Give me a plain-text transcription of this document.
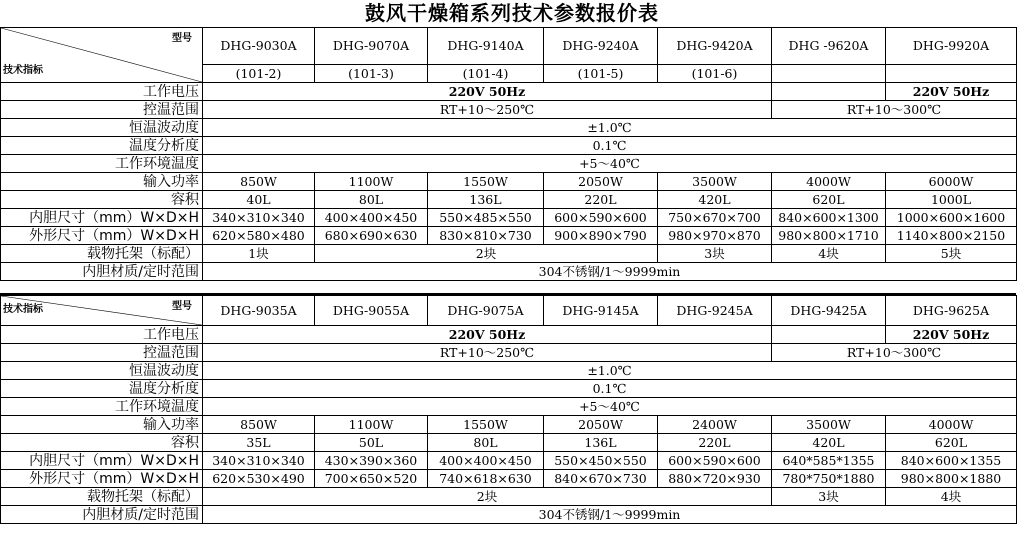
鼓风干燥箱系列技术参数报价表
型号
技术指标	DHG-9030A	DHG-9070A	DHG-9140A	DHG-9240A	DHG-9420A	DHG -9620A	DHG-9920A
	(101-2)	(101-3)	(101-4)	(101-5)	(101-6)		
工作电压	220V 50Hz						220V 50Hz
控温范围	RT+10～250℃					RT+10～300℃	
恒温波动度	±1.0℃						
温度分析度	0.1℃						
工作环境温度	+5～40℃						
输入功率	850W	1100W	1550W	2050W	3500W	4000W	6000W
容积	40L	80L	136L	220L	420L	620L	1000L
内胆尺寸（mm）W×D×H	340×310×340	400×400×450	550×485×550	600×590×600	750×670×700	840×600×1300	1000×600×1600
外形尺寸（mm）W×D×H	620×580×480	680×690×630	830×810×730	900×890×790	980×970×870	980×800×1710	1140×800×2150
载物托架（标配）	1块	2块			3块	4块	5块
内胆材质/定时范围	304不锈钢/1～9999min						
型号
技术指标	DHG-9035A	DHG-9055A	DHG-9075A	DHG-9145A	DHG-9245A	DHG-9425A	DHG-9625A
工作电压	220V 50Hz						220V 50Hz
控温范围	RT+10～250℃					RT+10～300℃	
恒温波动度	±1.0℃						
温度分析度	0.1℃						
工作环境温度	+5～40℃						
输入功率	850W	1100W	1550W	2050W	2400W	3500W	4000W
容积	35L	50L	80L	136L	220L	420L	620L
内胆尺寸（mm）W×D×H	340×310×340	430×390×360	400×400×450	550×450×550	600×590×600	640*585*1355	840×600×1355
外形尺寸（mm）W×D×H	620×530×490	700×650×520	740×618×630	840×670×730	880×720×930	780*750*1880	980×800×1880
载物托架（标配）	2块					3块	4块
内胆材质/定时范围	304不锈钢/1～9999min						
